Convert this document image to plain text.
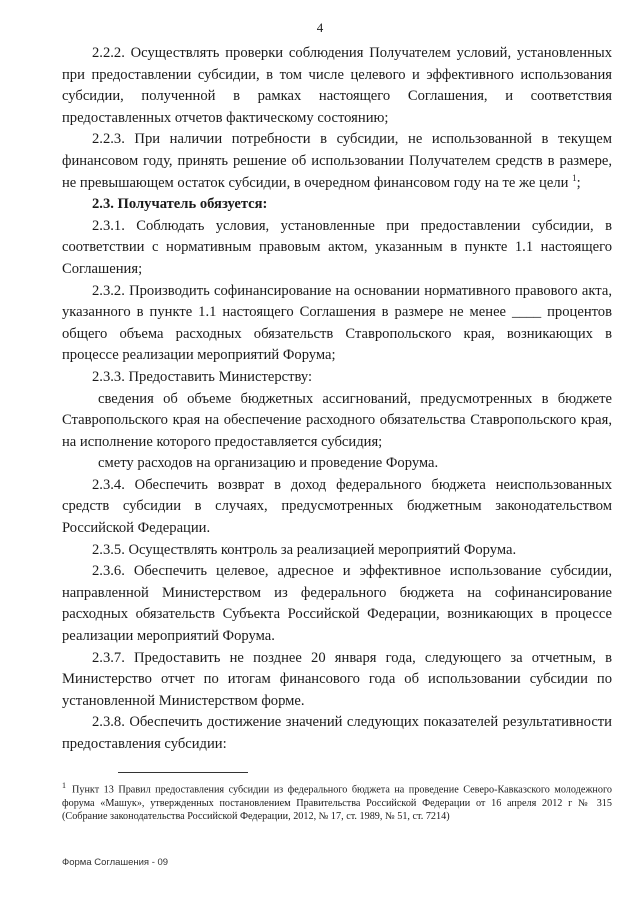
4

2.2.2. Осуществлять проверки соблюдения Получателем условий, установленных при предоставлении субсидии, в том числе целевого и эффективного использования субсидии, полученной в рамках настоящего Соглашения, и соответствия предоставленных отчетов фактическому состоянию;

2.2.3. При наличии потребности в субсидии, не использованной в текущем финансовом году, принять решение об использовании Получателем средств в размере, не превышающем остаток субсидии, в очередном финансовом году на те же цели $^1$;

2.3. Получатель обязуется:

2.3.1. Соблюдать условия, установленные при предоставлении субсидии, в соответствии с нормативным правовым актом, указанным в пункте 1.1 настоящего Соглашения;

2.3.2. Производить софинансирование на основании нормативного правового акта, указанного в пункте 1.1 настоящего Соглашения в размере не менее ____ процентов общего объема расходных обязательств Ставропольского края, возникающих в процессе реализации мероприятий Форума;

2.3.3. Предоставить Министерству:

сведения об объеме бюджетных ассигнований, предусмотренных в бюджете Ставропольского края на обеспечение расходного обязательства Ставропольского края, на исполнение которого предоставляется субсидия;

смету расходов на организацию и проведение Форума.

2.3.4. Обеспечить возврат в доход федерального бюджета неиспользованных средств субсидии в случаях, предусмотренных бюджетным законодательством Российской Федерации.

2.3.5. Осуществлять контроль за реализацией мероприятий Форума.

2.3.6. Обеспечить целевое, адресное и эффективное использование субсидии, направленной Министерством из федерального бюджета на софинансирование расходных обязательств Субъекта Российской Федерации, возникающих в процессе реализации мероприятий Форума.

2.3.7. Предоставить не позднее 20 января года, следующего за отчетным, в Министерство отчет по итогам финансового года об использовании субсидии по установленной Министерством форме.

2.3.8. Обеспечить достижение значений следующих показателей результативности предоставления субсидии:

$^1$ Пункт 13 Правил предоставления субсидии из федерального бюджета на проведение Северо-Кавказского молодежного форума «Машук», утвержденных постановлением Правительства Российской Федерации от 16 апреля 2012 г № 315 (Собрание законодательства Российской Федерации, 2012, № 17, ст. 1989, № 51, ст. 7214)
Форма Соглашения - 09
